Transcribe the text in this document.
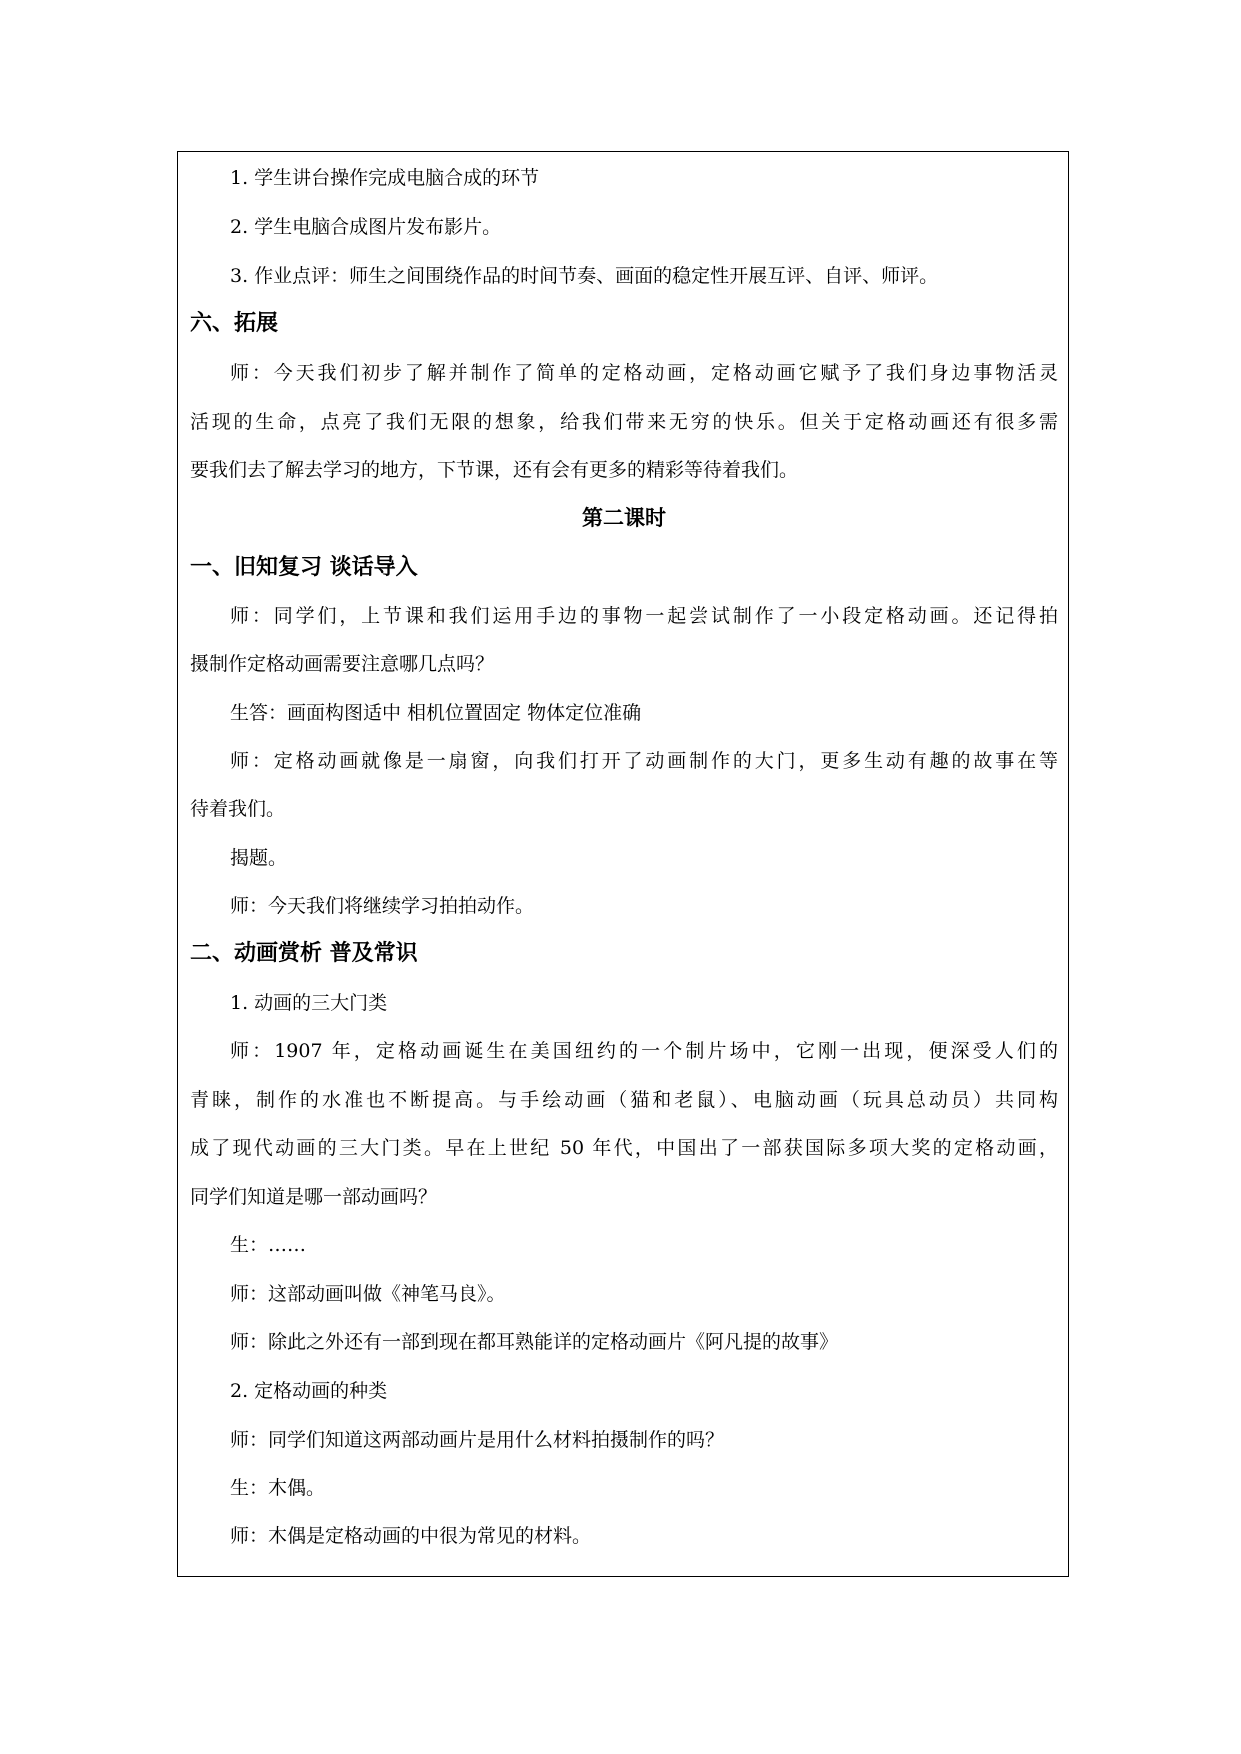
1. 学生讲台操作完成电脑合成的环节
2. 学生电脑合成图片发布影片。
3. 作业点评：师生之间围绕作品的时间节奏、画面的稳定性开展互评、自评、师评。
六、拓展
师：今天我们初步了解并制作了简单的定格动画，定格动画它赋予了我们身边事物活灵
活现的生命，点亮了我们无限的想象，给我们带来无穷的快乐。但关于定格动画还有很多需
要我们去了解去学习的地方，下节课，还有会有更多的精彩等待着我们。
第二课时
一、旧知复习 谈话导入
师：同学们，上节课和我们运用手边的事物一起尝试制作了一小段定格动画。还记得拍
摄制作定格动画需要注意哪几点吗？
生答：画面构图适中 相机位置固定 物体定位准确
师：定格动画就像是一扇窗，向我们打开了动画制作的大门，更多生动有趣的故事在等
待着我们。
揭题。
师：今天我们将继续学习拍拍动作。
二、动画赏析 普及常识
1. 动画的三大门类
师：1907 年，定格动画诞生在美国纽约的一个制片场中，它刚一出现，便深受人们的
青睐，制作的水准也不断提高。与手绘动画（猫和老鼠）、电脑动画（玩具总动员）共同构
成了现代动画的三大门类。早在上世纪 50 年代，中国出了一部获国际多项大奖的定格动画，
同学们知道是哪一部动画吗？
生：……
师：这部动画叫做《神笔马良》。
师：除此之外还有一部到现在都耳熟能详的定格动画片《阿凡提的故事》
2. 定格动画的种类
师：同学们知道这两部动画片是用什么材料拍摄制作的吗？
生：木偶。
师：木偶是定格动画的中很为常见的材料。
